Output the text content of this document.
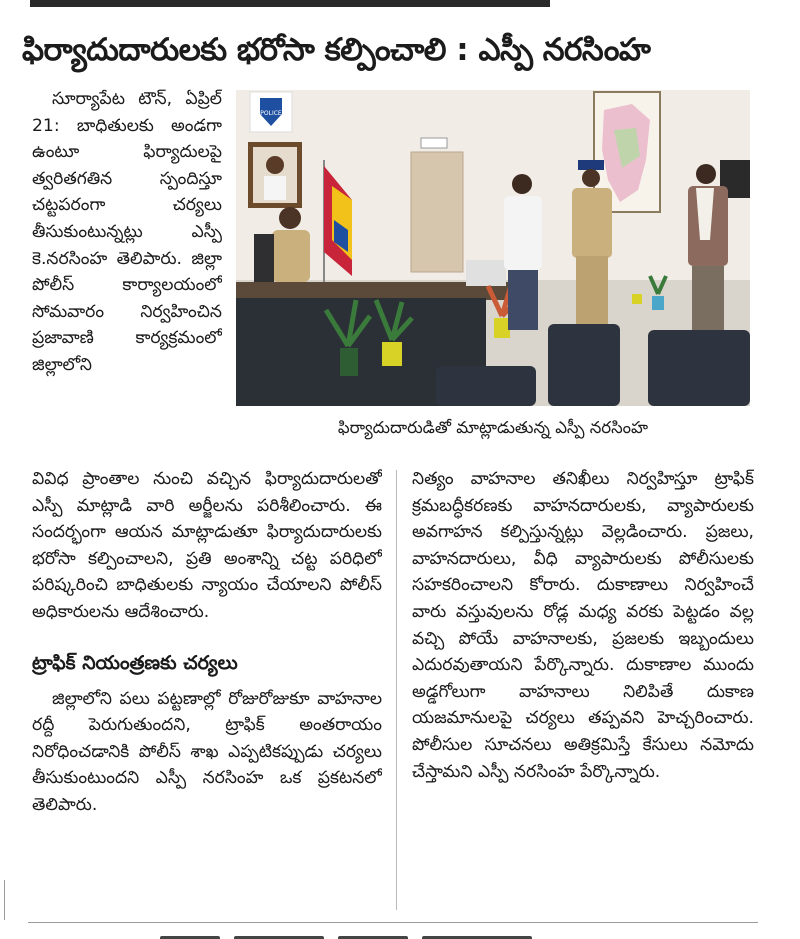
ఫిర్యాదుదారులకు భరోసా కల్పించాలి : ఎస్పీ నరసింహ

సూర్యాపేట టౌన్, ఏప్రిల్ 21: బాధితులకు అండగా ఉంటూ ఫిర్యాదులపై త్వరితగతిన స్పందిస్తూ చట్టపరంగా చర్యలు తీసుకుంటున్నట్లు ఎస్పీ కె.నరసింహ తెలిపారు. జిల్లా పోలీస్ కార్యాలయంలో సోమవారం నిర్వహించిన ప్రజావాణి కార్యక్రమంలో జిల్లాలోని

POLICE

ఫిర్యాదుదారుడితో మాట్లాడుతున్న ఎస్పీ నరసింహ

వివిధ ప్రాంతాల నుంచి వచ్చిన ఫిర్యాదుదారులతో ఎస్పీ మాట్లాడి వారి అర్జీలను పరిశీలించారు. ఈ సందర్భంగా ఆయన మాట్లాడుతూ ఫిర్యాదుదారులకు భరోసా కల్పించాలని, ప్రతి అంశాన్ని చట్ట పరిధిలో పరిష్కరించి బాధితులకు న్యాయం చేయాలని పోలీస్ అధికారులను ఆదేశించారు.

ట్రాఫిక్ నియంత్రణకు చర్యలు

జిల్లాలోని పలు పట్టణాల్లో రోజురోజుకూ వాహనాల రద్దీ పెరుగుతుందని, ట్రాఫిక్ అంతరాయం నిరోధించడానికి పోలీస్ శాఖ ఎప్పటికప్పుడు చర్యలు తీసుకుంటుందని ఎస్పీ నరసింహ ఒక ప్రకటనలో తెలిపారు.

నిత్యం వాహనాల తనిఖీలు నిర్వహిస్తూ ట్రాఫిక్ క్రమబద్ధీకరణకు వాహనదారులకు, వ్యాపారులకు అవగాహన కల్పిస్తున్నట్లు వెల్లడించారు. ప్రజలు, వాహనదారులు, వీధి వ్యాపారులకు పోలీసులకు సహకరించాలని కోరారు. దుకాణాలు నిర్వహించే వారు వస్తువులను రోడ్ల మధ్య వరకు పెట్టడం వల్ల వచ్చి పోయే వాహనాలకు, ప్రజలకు ఇబ్బందులు ఎదురవుతాయని పేర్కొన్నారు. దుకాణాల ముందు అడ్డగోలుగా వాహనాలు నిలిపితే దుకాణ యజమానులపై చర్యలు తప్పవని హెచ్చరించారు. పోలీసుల సూచనలు అతిక్రమిస్తే కేసులు నమోదు చేస్తామని ఎస్పీ నరసింహ పేర్కొన్నారు.
